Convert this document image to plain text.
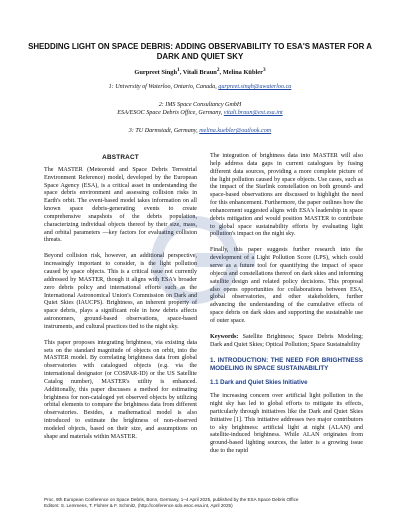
SHEDDING LIGHT ON SPACE DEBRIS: ADDING OBSERVABILITY TO ESA'S MASTER FOR A DARK AND QUIET SKY
Gurpreet Singh$^1$, Vitali Braun$^2$, Melina Kübler$^3$
1: University of Waterloo, Ontario, Canada, gurpreet.singh@uwaterloo.ca
2: IMS Space Consultancy GmbH
ESA/ESOC Space Debris Office, Germany, vitali.braun@ext.esa.int
3: TU Darmstadt, Germany, melina.kuebler@outlook.com
ABSTRACT

The MASTER (Meteoroid and Space Debris Terrestrial Environment Reference) model, developed by the European Space Agency (ESA), is a critical asset in understanding the space debris environment and assessing collision risks in Earth's orbit. The event-based model takes information on all known space debris-generating events to create comprehensive snapshots of the debris population, characterizing individual objects thereof by their size, mass, and orbital parameters —key factors for evaluating collision threats.

Beyond collision risk, however, an additional perspective, increasingly important to consider, is the light pollution caused by space objects. This is a critical issue not currently addressed by MASTER, though it aligns with ESA's broader zero debris policy and international efforts such as the International Astronomical Union's Commission on Dark and Quiet Skies (IAUCPS). Brightness, an inherent property of space debris, plays a significant role in how debris affects astronomers, ground-based observations, space-based instruments, and cultural practices tied to the night sky.

This paper proposes integrating brightness, via existing data sets on the standard magnitude of objects on orbit, into the MASTER model. By correlating brightness data from global observatories with catalogued objects (e.g. via the international designator (or COSPAR-ID) or the US Satellite Catalog number), MASTER's utility is enhanced. Additionally, this paper discusses a method for estimating brightness for non-cataloged yet observed objects by utilizing orbital elements to compare the brightness data from different observatories. Besides, a mathematical model is also introduced to estimate the brightness of non-observed modeled objects, based on their size, and assumptions on shape and materials within MASTER.

The integration of brightness data into MASTER will also help address data gaps in current catalogues by fusing different data sources, providing a more complete picture of the light pollution caused by space objects. Use cases, such as the impact of the Starlink constellation on both ground- and space-based observations are discussed to highlight the need for this enhancement. Furthermore, the paper outlines how the enhancement suggested aligns with ESA's leadership in space debris mitigation and would position MASTER to contribute to global space sustainability efforts by evaluating light pollution's impact on the night sky.

Finally, this paper suggests further research into the development of a Light Pollution Score (LPS), which could serve as a future tool for quantifying the impact of space objects and constellations thereof on dark skies and informing satellite design and related policy decisions. This proposal also opens opportunities for collaborations between ESA, global observatories, and other stakeholders, further advancing the understanding of the cumulative effects of space debris on dark skies and supporting the sustainable use of outer space.

Keywords: Satellite Brightness; Space Debris Modeling; Dark and Quiet Skies; Optical Pollution; Space Sustainability

1. INTRODUCTION: THE NEED FOR BRIGHTNESS MODELING IN SPACE SUSTAINABILITY
1.1 Dark and Quiet Skies Initiative

The increasing concern over artificial light pollution in the night sky has led to global efforts to mitigate its effects, particularly through initiatives like the Dark and Quiet Skies Initiative [1]. This initiative addresses two major contributors to sky brightness: artificial light at night (ALAN) and satellite-induced brightness. While ALAN originates from ground-based lighting sources, the latter is a growing issue due to the rapid

Proc. 9th European Conference on Space Debris, Bonn, Germany, 1–4 April 2025, published by the ESA Space Debris Office
Editors: S. Lemmens, T. Flohrer & F. Schmitz, (http://conference.sdo.esoc.esa.int, April 2025)
